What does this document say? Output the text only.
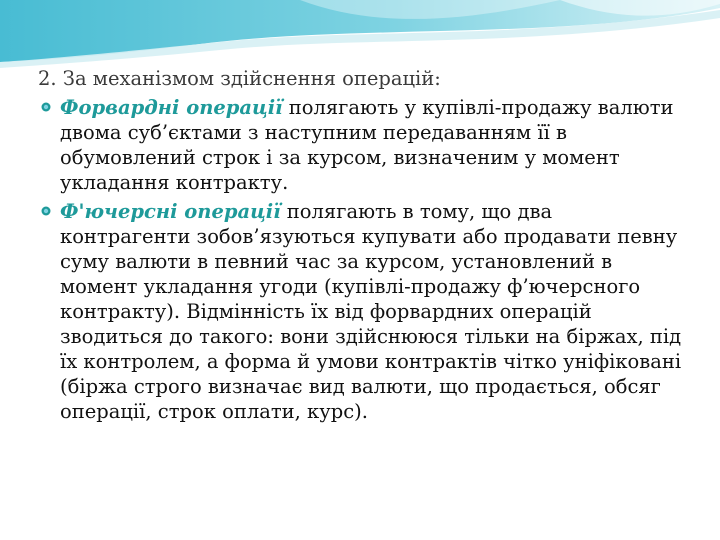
2. За механізмом здійснення операцій:

Форвардні операції полягають у купівлі-продажу валюти двома суб’єктами з наступним передаванням її в обумовлений строк і за курсом, визначеним у момент укладання контракту.
Ф'ючерсні операції полягають в тому, що два контрагенти зобов’язуються купувати або продавати певну суму валюти в певний час за курсом, установлений в момент укладання угоди (купівлі-продажу ф’ючерсного контракту). Відмінність їх від форвардних операцій зводиться до такого: вони здійснююся тільки на біржах, під їх контролем, а форма й умови контрактів чітко уніфіковані (біржа строго визначає вид валюти, що продається, обсяг операції, строк оплати, курс).
